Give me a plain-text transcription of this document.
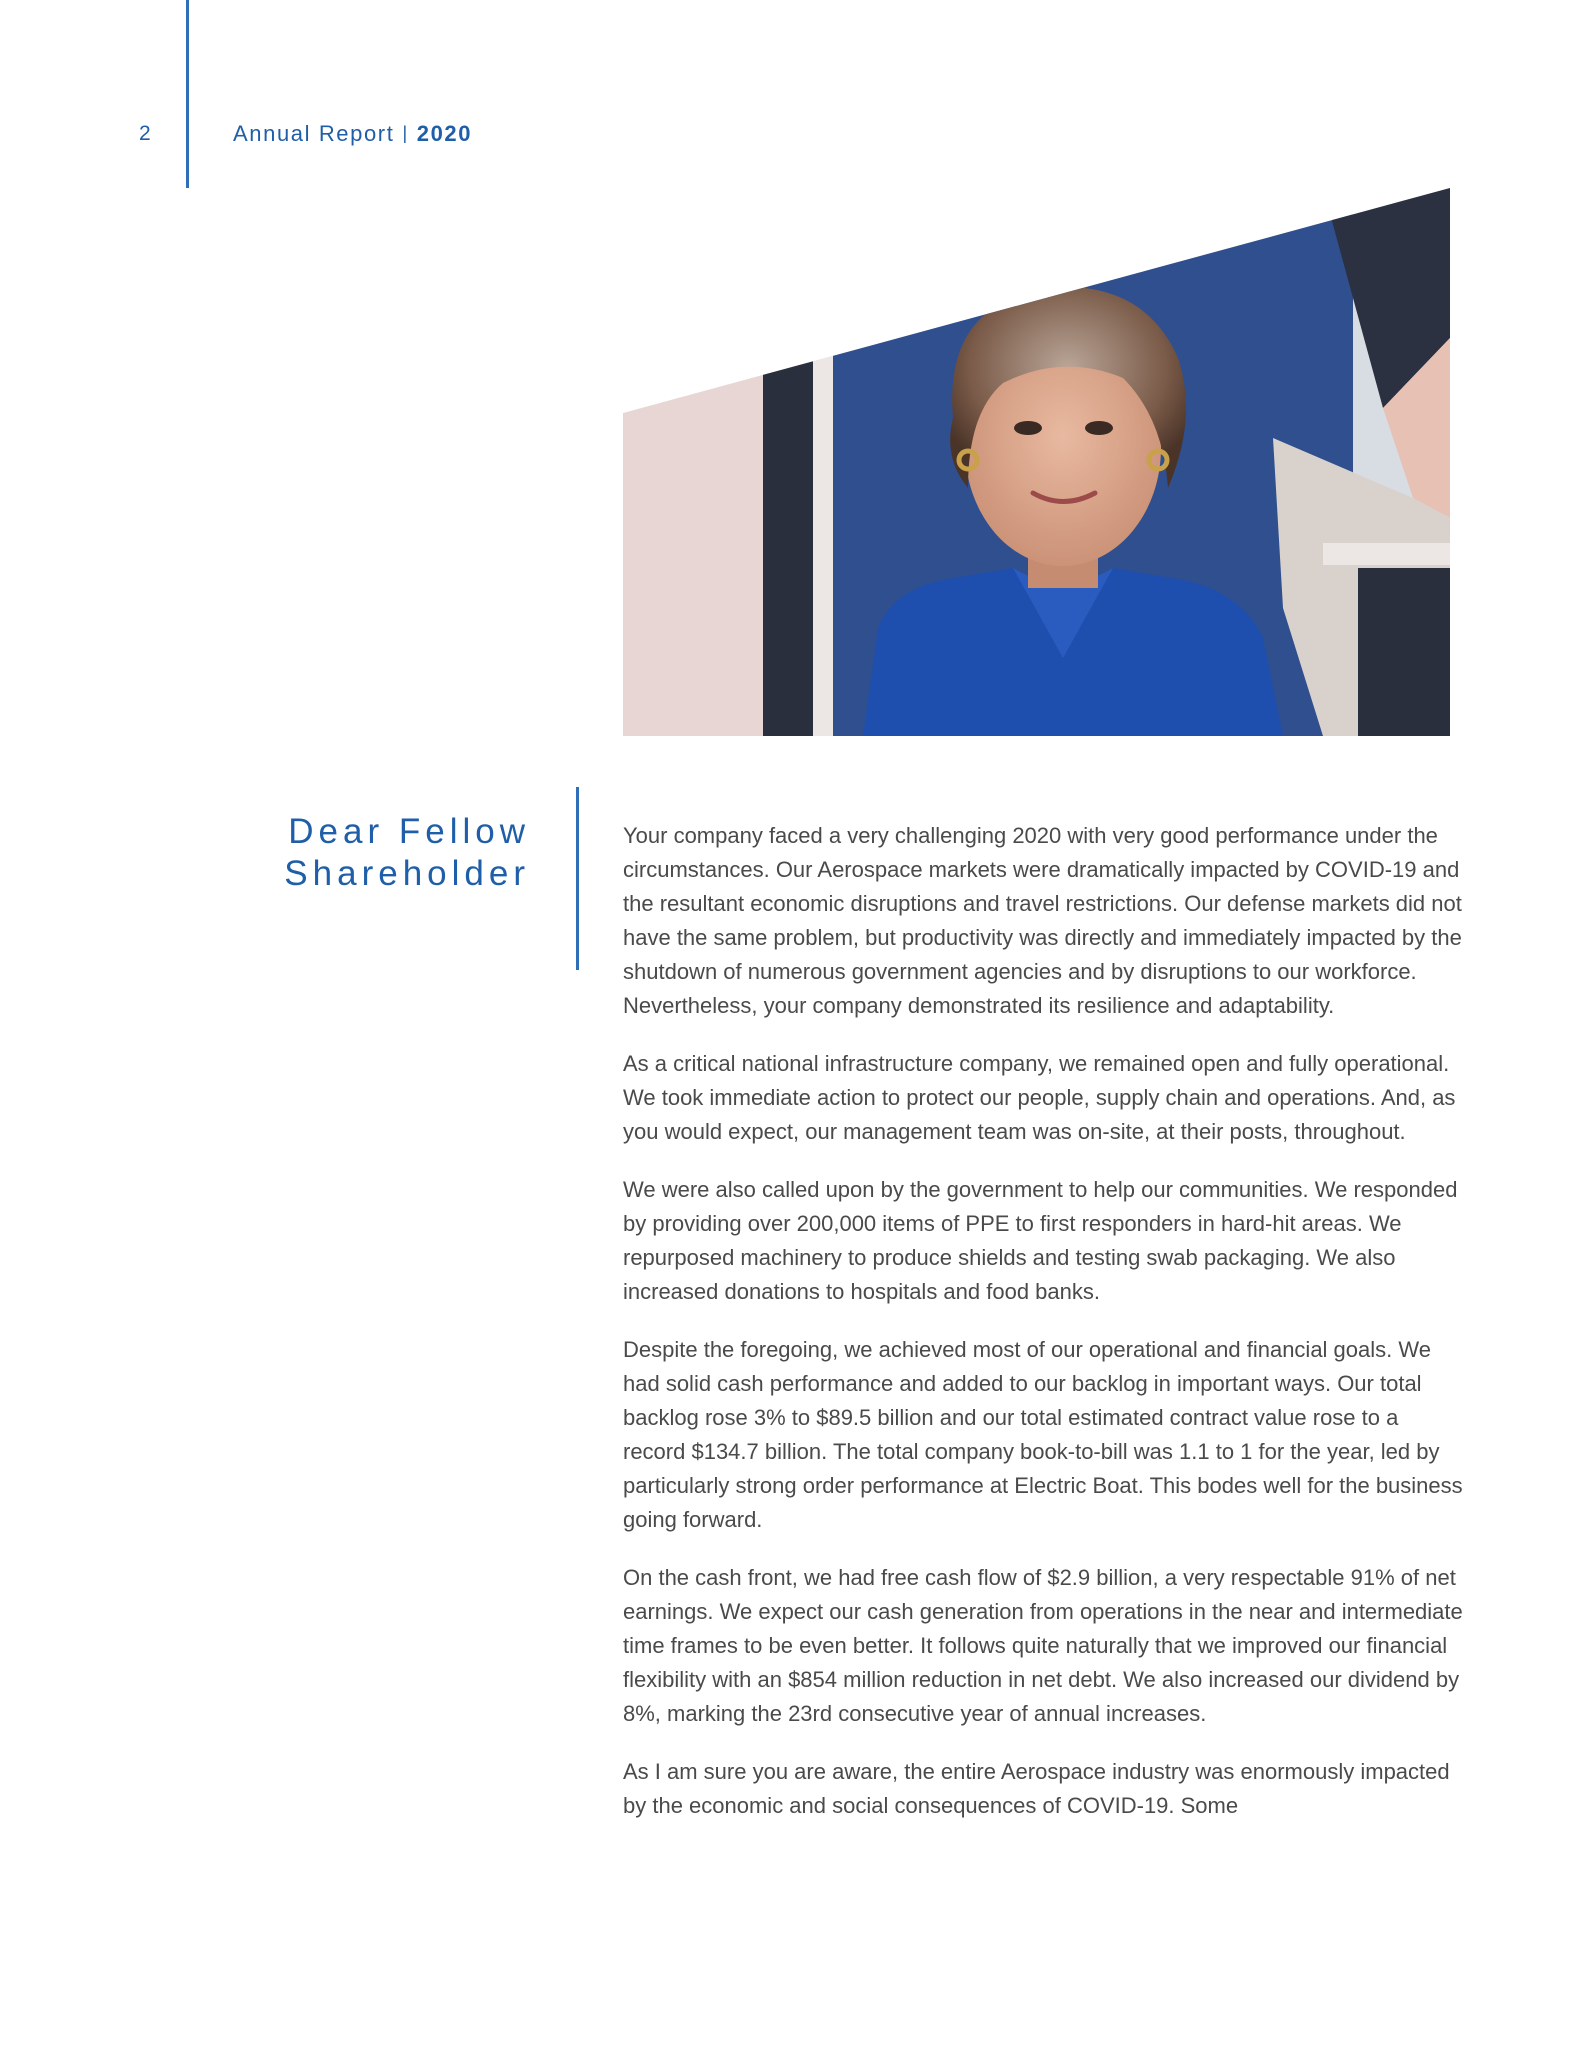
2	Annual Report | 2020
Dear Fellow
Shareholder

Your company faced a very challenging 2020 with very good performance under the circumstances. Our Aerospace markets were dramatically impacted by COVID-19 and the resultant economic disruptions and travel restrictions. Our defense markets did not have the same problem, but productivity was directly and immediately impacted by the shutdown of numerous government agencies and by disruptions to our workforce. Nevertheless, your company demonstrated its resilience and adaptability.

As a critical national infrastructure company, we remained open and fully operational. We took immediate action to protect our people, supply chain and operations. And, as you would expect, our management team was on-site, at their posts, throughout.

We were also called upon by the government to help our communities. We responded by providing over 200,000 items of PPE to first responders in hard-hit areas. We repurposed machinery to produce shields and testing swab packaging. We also increased donations to hospitals and food banks.

Despite the foregoing, we achieved most of our operational and financial goals. We had solid cash performance and added to our backlog in important ways. Our total backlog rose 3% to $89.5 billion and our total estimated contract value rose to a record $134.7 billion. The total company book-to-bill was 1.1 to 1 for the year, led by particularly strong order performance at Electric Boat. This bodes well for the business going forward.

On the cash front, we had free cash flow of $2.9 billion, a very respectable 91% of net earnings. We expect our cash generation from operations in the near and intermediate time frames to be even better. It follows quite naturally that we improved our financial flexibility with an $854 million reduction in net debt. We also increased our dividend by 8%, marking the 23rd consecutive year of annual increases.

As I am sure you are aware, the entire Aerospace industry was enormously impacted by the economic and social consequences of COVID-19. Some
